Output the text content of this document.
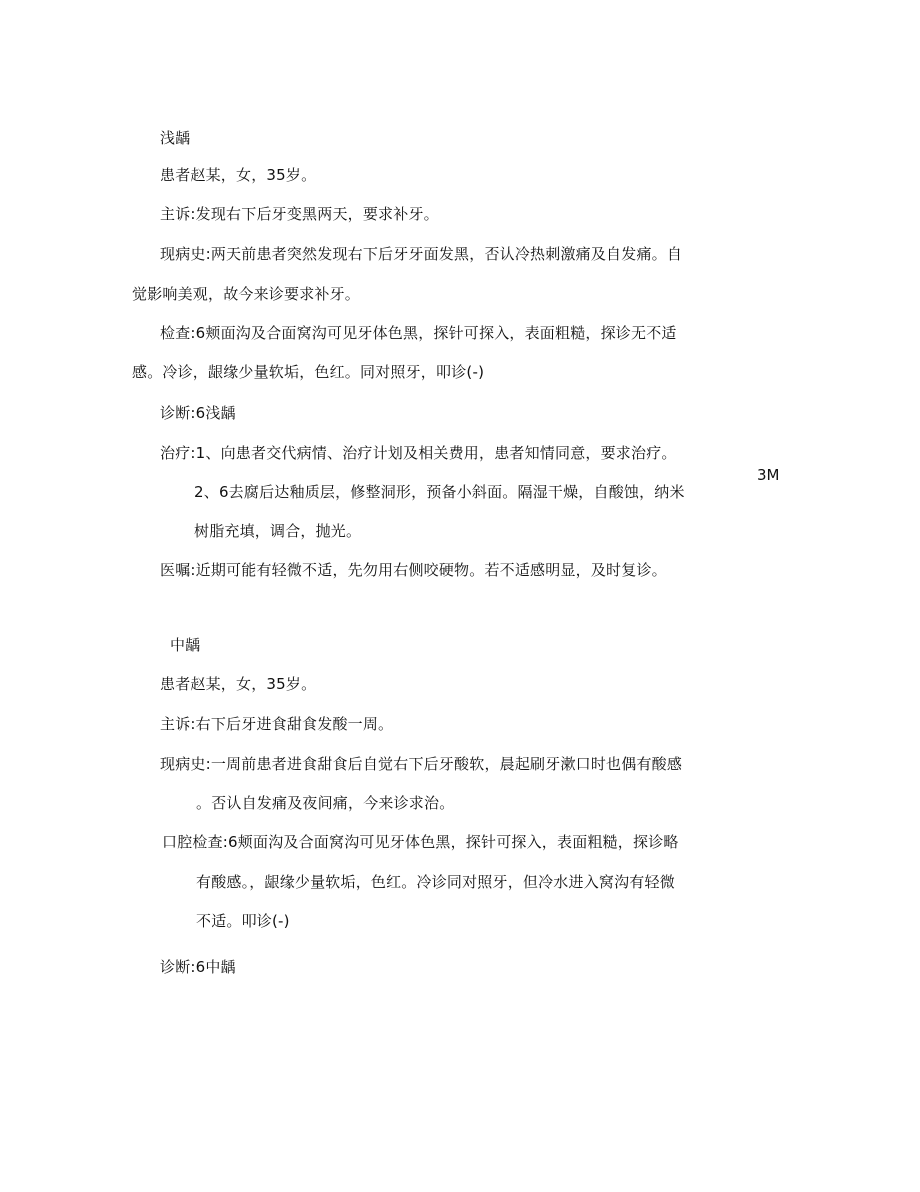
浅龋
患者赵某，女，35岁。
主诉:发现右下后牙变黑两天，要求补牙。
现病史:两天前患者突然发现右下后牙牙面发黑，否认冷热刺激痛及自发痛。自
觉影响美观，故今来诊要求补牙。
检查:6颊面沟及合面窝沟可见牙体色黑，探针可探入，表面粗糙，探诊无不适
感。冷诊，龈缘少量软垢，色红。同对照牙，叩诊(-)
诊断:6浅龋
治疗:1、向患者交代病情、治疗计划及相关费用，患者知情同意，要求治疗。
2、6去腐后达釉质层，修整洞形，预备小斜面。隔湿干燥，自酸蚀，纳米
树脂充填，调合，抛光。
医嘱:近期可能有轻微不适，先勿用右侧咬硬物。若不适感明显，及时复诊。
3M
中龋
患者赵某，女，35岁。
主诉:右下后牙进食甜食发酸一周。
现病史:一周前患者进食甜食后自觉右下后牙酸软，晨起刷牙漱口时也偶有酸感
。否认自发痛及夜间痛，今来诊求治。
口腔检查:6颊面沟及合面窝沟可见牙体色黑，探针可探入，表面粗糙，探诊略
有酸感。，龈缘少量软垢，色红。冷诊同对照牙，但冷水进入窝沟有轻微
不适。叩诊(-)
诊断:6中龋
